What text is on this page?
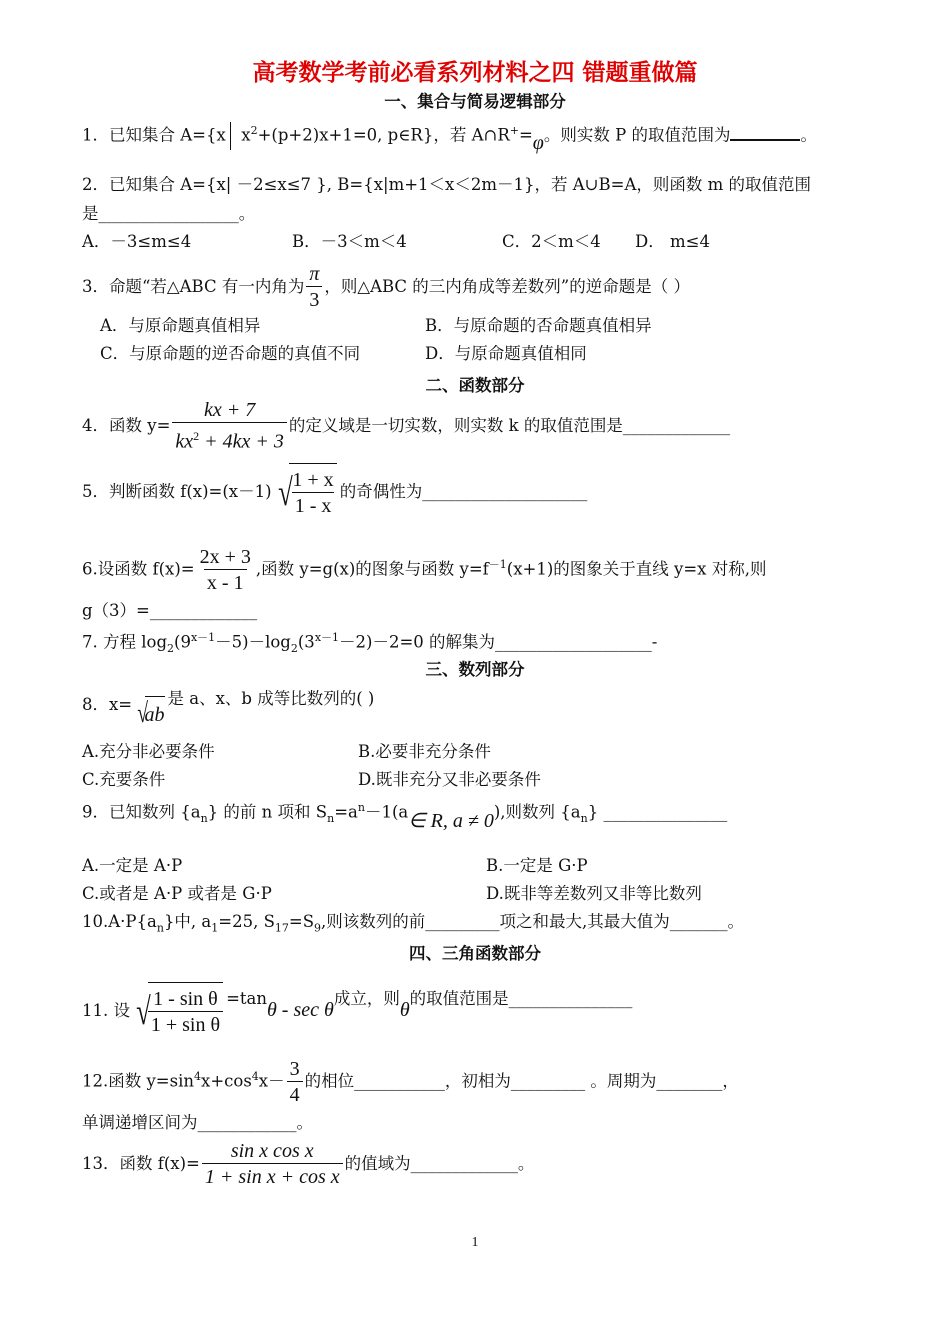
高考数学考前必看系列材料之四 错题重做篇
一、集合与简易逻辑部分
1．已知集合 A={x $x^2+(p+2)x+1=0$, p∈R}，若 A∩R+=φ。则实数 P 的取值范围为	。
2．已知集合 A={x| －2≤x≤7 }, B={x|m+1＜x＜2m－1}，若 A∪B=A，则函数 m 的取值范围
是_________________。
A．－3≤m≤4	B．－3＜m＜4	C．2＜m＜4 D． m≤4
3．命题“若△ABC 有一内角为 $\frac{\pi}{3}$ ，则△ABC 的三内角成等差数列”的逆命题是（ ）
A．与原命题真值相异	B．与原命题的否命题真值相异
C．与原命题的逆否命题的真值不同	D．与原命题真值相同
二、函数部分
4．函数 $y= \frac{kx + 7}{kx^2 + 4kx + 3}$ 的定义域是一切实数，则实数 k 的取值范围是_____________
5．判断函数 f(x)=(x－1) √
$\frac{1 + x}{1 - x}$ 的奇偶性为____________________
6.设函数 $f(x)= \frac{2x + 3}{x - 1}$ ,函数 y=g(x)的图象与函数 $y=f^{-1}(x+1)$的图象关于直线 y=x 对称,则
g（3）=_____________
7. 方程 $\log_2(9^{x-1}-5)-\log_2(3^{x-1}-2)-2=0$ 的解集为___________________-
三、数列部分
8．x= √
ab
是 a、x、b 成等比数列的( )
A.充分非必要条件	B.必要非充分条件
C.充要条件	D.既非充分又非必要条件
9．已知数列 $\{a_n\}$ 的前 n 项和 $S_n=a^n-1(a\in$ R, a ≠ 0),则数列 $\{a_n\}$ _______________
A.一定是 A·P	B.一定是 G·P
C.或者是 A·P 或者是 G·P	D.既非等差数列又非等比数列
$10.A\cdot P\{a_n\}$中, $a_1=25$, $S_{17}=S_9$,则该数列的前_________项之和最大,其最大值为_______。
四、三角函数部分
11. 设 √
$\frac{\text{1 - sin θ}}{\text{1 + sin θ}} =\tan\theta - \sec \theta$成立，则θ的取值范围是_______________
12.函数 $y=\sin^4x+\cos^4x- \frac{3}{4}$ 的相位___________，初相为_________ 。周期为________，
单调递增区间为____________。
13．函数 $f(x)= \frac{\text{sin x cos x}}{\text{1 + sin x + cos x}}$ 的值域为_____________。
1
